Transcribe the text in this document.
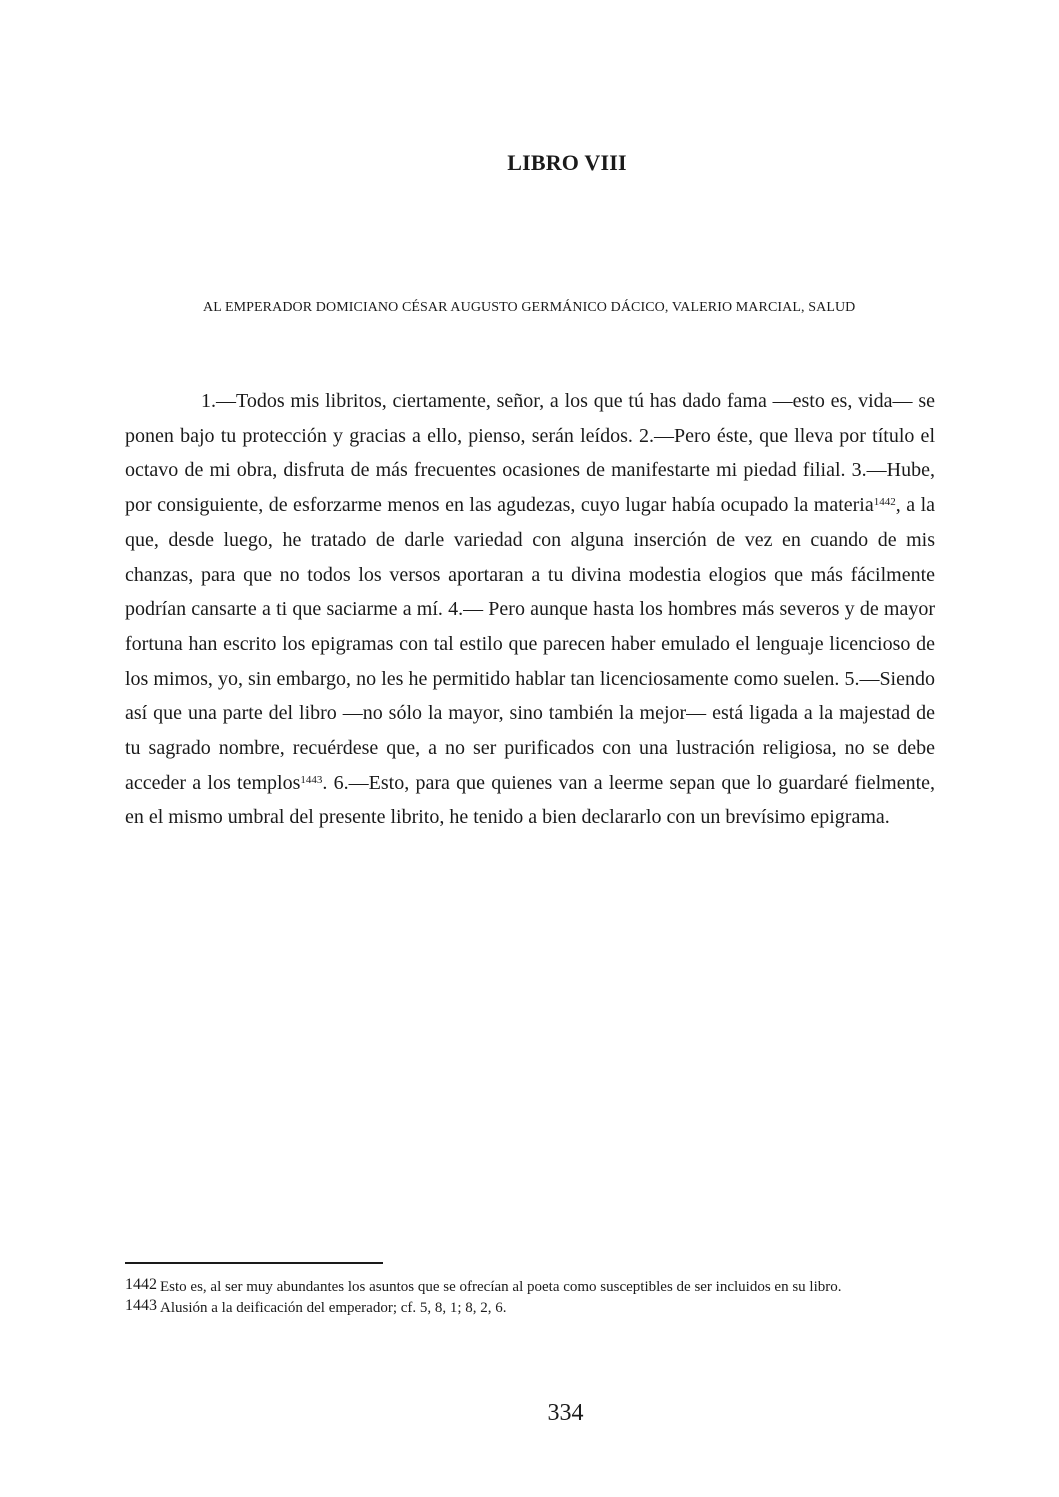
LIBRO VIII
AL EMPERADOR DOMICIANO CÉSAR AUGUSTO GERMÁNICO DÁCICO, VALERIO MARCIAL, SALUD
1.—Todos mis libritos, ciertamente, señor, a los que tú has dado fama —esto es, vida— se ponen bajo tu protección y gracias a ello, pienso, serán leídos. 2.—Pero éste, que lleva por título el octavo de mi obra, disfruta de más frecuentes ocasiones de manifestarte mi piedad filial. 3.—Hube, por consiguiente, de esforzarme menos en las agudezas, cuyo lugar había ocupado la materia$^{1442}$, a la que, desde luego, he tratado de darle variedad con alguna inserción de vez en cuando de mis chanzas, para que no todos los versos aportaran a tu divina modestia elogios que más fácilmente podrían cansarte a ti que saciarme a mí. 4.— Pero aunque hasta los hombres más severos y de mayor fortuna han escrito los epigramas con tal estilo que parecen haber emulado el lenguaje licencioso de los mimos, yo, sin embargo, no les he permitido hablar tan licenciosamente como suelen. 5.—Siendo así que una parte del libro —no sólo la mayor, sino también la mejor— está ligada a la majestad de tu sagrado nombre, recuérdese que, a no ser purificados con una lustración religiosa, no se debe acceder a los templos$^{1443}$. 6.—Esto, para que quienes van a leerme sepan que lo guardaré fielmente, en el mismo umbral del presente librito, he tenido a bien declararlo con un brevísimo epigrama.
1442 Esto es, al ser muy abundantes los asuntos que se ofrecían al poeta como susceptibles de ser incluidos en su libro.
1443 Alusión a la deificación del emperador; cf. 5, 8, 1; 8, 2, 6.
334
